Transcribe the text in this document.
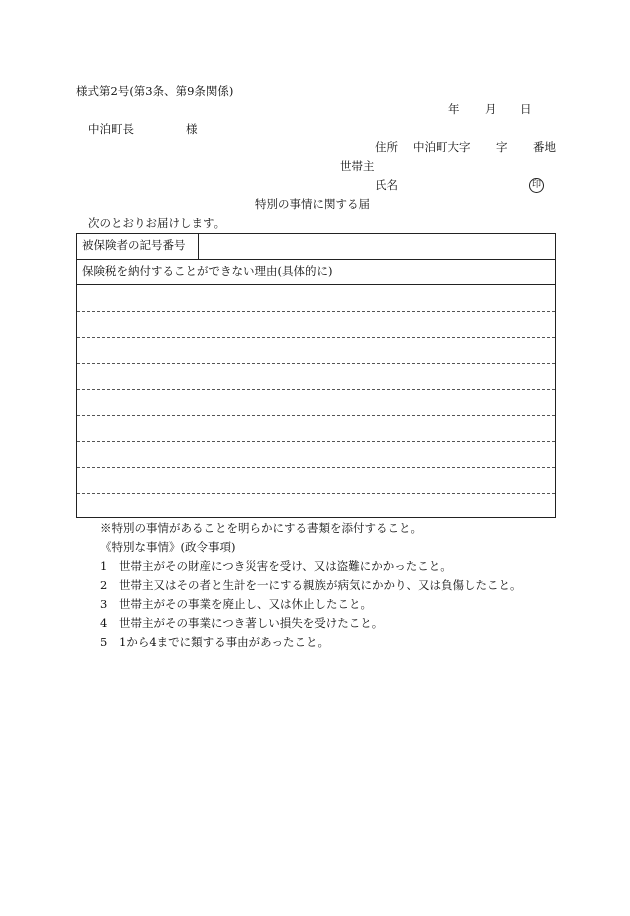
様式第2号(第3条、第9条関係)
年 月 日
中泊町長	様
住所 中泊町大字 字 番地
世帯主
氏名	印
特別の事情に関する届
次のとおりお届けします。
被保険者の記号番号
保険税を納付することができない理由(具体的に)
※特別の事情があることを明らかにする書類を添付すること。
《特別な事情》(政令事項)
1 世帯主がその財産につき災害を受け、又は盗難にかかったこと。
2 世帯主又はその者と生計を一にする親族が病気にかかり、又は負傷したこと。
3 世帯主がその事業を廃止し、又は休止したこと。
4 世帯主がその事業につき著しい損失を受けたこと。
5 1から4までに類する事由があったこと。
